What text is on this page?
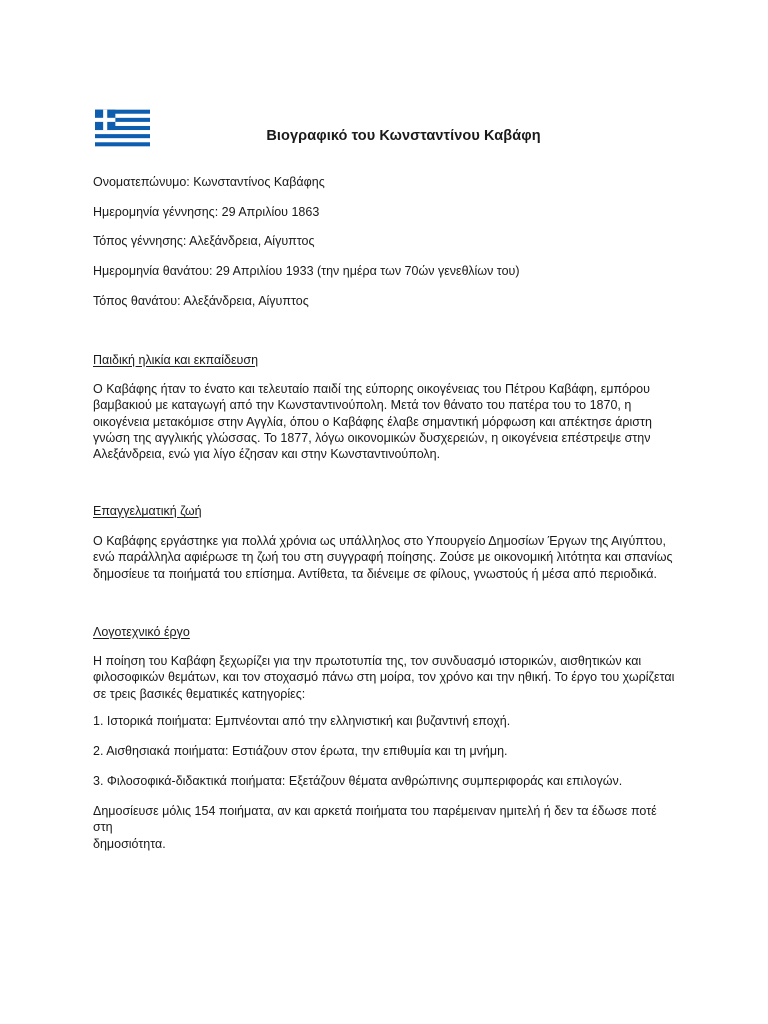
Βιογραφικό του Κωνσταντίνου Καβάφη
Ονοματεπώνυμο: Κωνσταντίνος Καβάφης
Ημερομηνία γέννησης: 29 Απριλίου 1863
Τόπος γέννησης: Αλεξάνδρεια, Αίγυπτος
Ημερομηνία θανάτου: 29 Απριλίου 1933 (την ημέρα των 70ών γενεθλίων του)
Τόπος θανάτου: Αλεξάνδρεια, Αίγυπτος
Παιδική ηλικία και εκπαίδευση
Ο Καβάφης ήταν το ένατο και τελευταίο παιδί της εύπορης οικογένειας του Πέτρου Καβάφη, εμπόρου
βαμβακιού με καταγωγή από την Κωνσταντινούπολη. Μετά τον θάνατο του πατέρα του το 1870, η
οικογένεια μετακόμισε στην Αγγλία, όπου ο Καβάφης έλαβε σημαντική μόρφωση και απέκτησε άριστη
γνώση της αγγλικής γλώσσας. Το 1877, λόγω οικονομικών δυσχερειών, η οικογένεια επέστρεψε στην
Αλεξάνδρεια, ενώ για λίγο έζησαν και στην Κωνσταντινούπολη.
Επαγγελματική ζωή
Ο Καβάφης εργάστηκε για πολλά χρόνια ως υπάλληλος στο Υπουργείο Δημοσίων Έργων της Αιγύπτου,
ενώ παράλληλα αφιέρωσε τη ζωή του στη συγγραφή ποίησης. Ζούσε με οικονομική λιτότητα και σπανίως
δημοσίευε τα ποιήματά του επίσημα. Αντίθετα, τα διένειμε σε φίλους, γνωστούς ή μέσα από περιοδικά.
Λογοτεχνικό έργο
Η ποίηση του Καβάφη ξεχωρίζει για την πρωτοτυπία της, τον συνδυασμό ιστορικών, αισθητικών και
φιλοσοφικών θεμάτων, και τον στοχασμό πάνω στη μοίρα, τον χρόνο και την ηθική. Το έργο του χωρίζεται
σε τρεις βασικές θεματικές κατηγορίες:
1. Ιστορικά ποιήματα: Εμπνέονται από την ελληνιστική και βυζαντινή εποχή.
2. Αισθησιακά ποιήματα: Εστιάζουν στον έρωτα, την επιθυμία και τη μνήμη.
3. Φιλοσοφικά-διδακτικά ποιήματα: Εξετάζουν θέματα ανθρώπινης συμπεριφοράς και επιλογών.
Δημοσίευσε μόλις 154 ποιήματα, αν και αρκετά ποιήματα του παρέμειναν ημιτελή ή δεν τα έδωσε ποτέ στη
δημοσιότητα.
